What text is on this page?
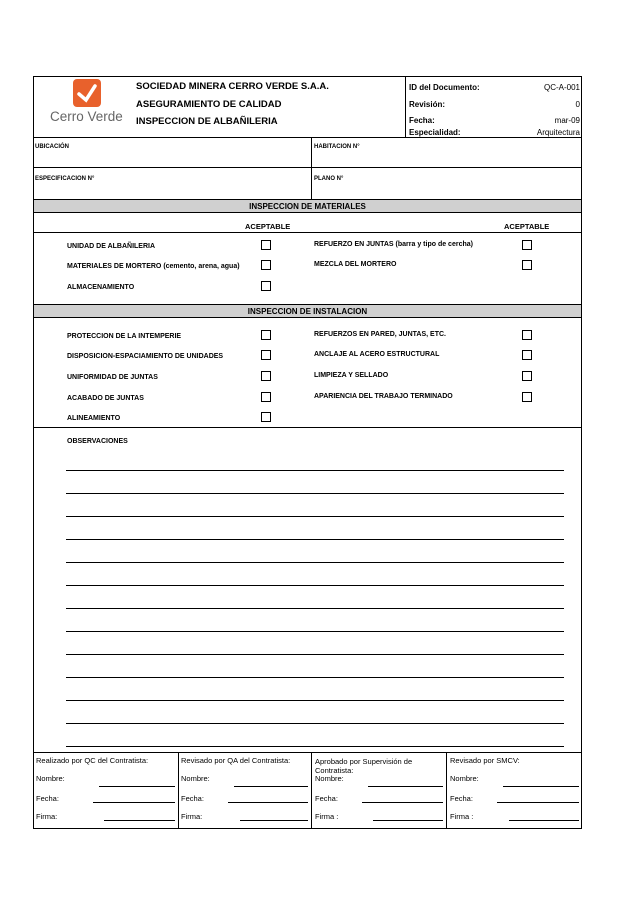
Cerro Verde
SOCIEDAD MINERA CERRO VERDE S.A.A.
ASEGURAMIENTO DE CALIDAD
INSPECCION DE ALBAÑILERIA
ID del Documento:	QC-A-001
Revisión:	0
Fecha:	mar-09
Especialidad:	Arquitectura
UBICACIÓN	HABITACION N°
ESPECIFICACION N°	PLANO N°
INSPECCION DE MATERIALES
ACEPTABLE	ACEPTABLE
UNIDAD DE ALBAÑILERIA
MATERIALES DE MORTERO (cemento, arena, agua)
ALMACENAMIENTO
REFUERZO EN JUNTAS (barra y tipo de cercha)
MEZCLA DEL MORTERO
INSPECCION DE INSTALACION
PROTECCION DE LA INTEMPERIE
DISPOSICION-ESPACIAMIENTO DE UNIDADES
UNIFORMIDAD DE JUNTAS
ACABADO DE JUNTAS
ALINEAMIENTO
REFUERZOS EN PARED, JUNTAS, ETC.
ANCLAJE AL ACERO ESTRUCTURAL
LIMPIEZA Y SELLADO
APARIENCIA DEL TRABAJO TERMINADO
OBSERVACIONES
Realizado por QC del Contratista:
Nombre:
Fecha:
Firma:
Revisado por QA del Contratista:
Nombre:
Fecha:
Firma:
Aprobado por Supervisión de Contratista:
Nombre:
Fecha:
Firma :
Revisado por SMCV:
Nombre:
Fecha:
Firma :
